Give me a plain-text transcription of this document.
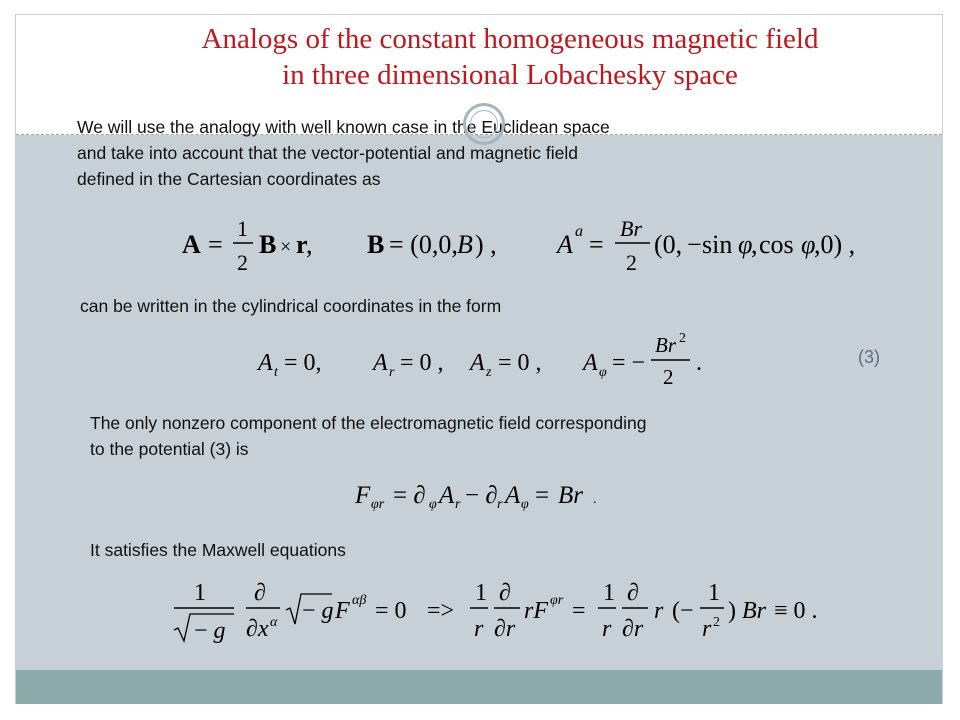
Analogs of the constant homogeneous magnetic field
in three dimensional Lobachesky space
We will use the analogy with well known case in the Euclidean space
and take into account that the vector-potential and magnetic field
defined in the Cartesian coordinates as
A =
1
2
B × r
, B = (0,0, B ) , A a =
Br
2
(0, − sin φ
, cos φ
,0) ,
can be written in the cylindrical coordinates in the form
A t = 0, A r = 0 , A z = 0 , A φ = −
Br 2
2
.	(3)
The only nonzero component of the electromagnetic field corresponding
to the potential (3) is
F φr = ∂ φ A r − ∂ r A φ = Br .
It satisfies the Maxwell equations
1
− g
∂
∂x α − g F αβ = 0 =>
1
r
∂
∂r
rF φr =
1
r
∂
∂r
r (−
1
r 2 ) Br ≡ 0 .
